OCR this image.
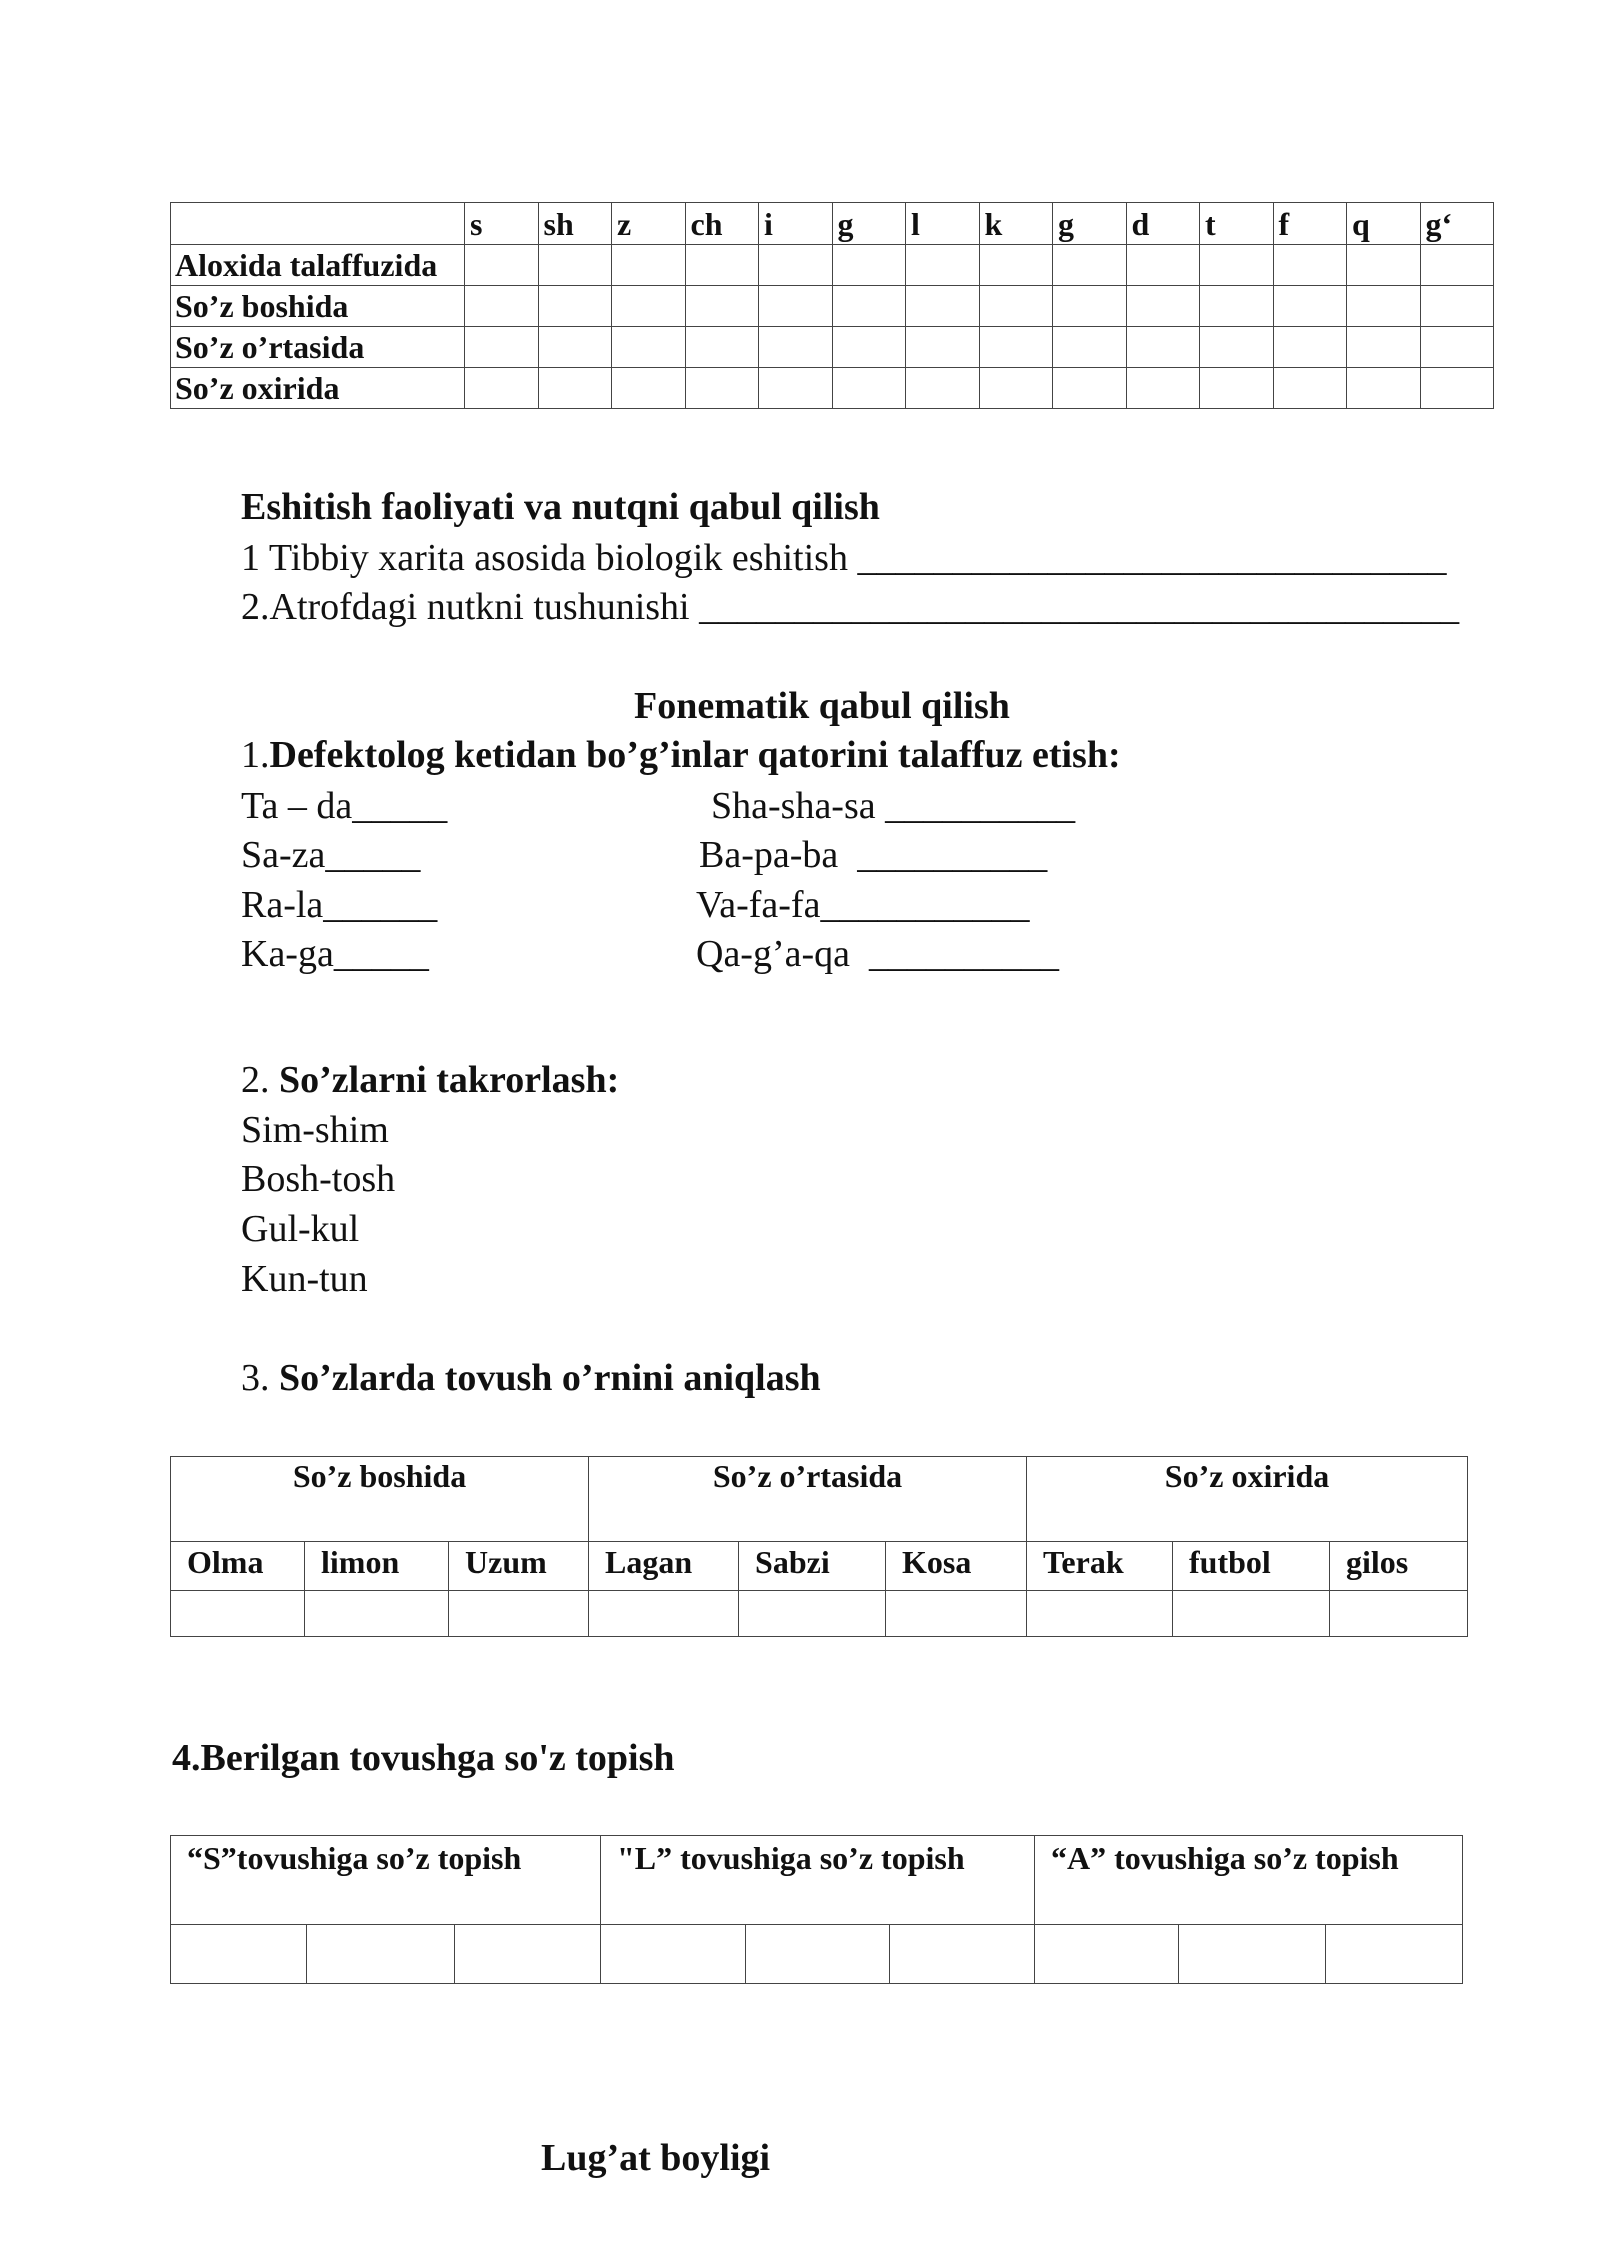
	s	sh	z	ch	i	g	l	k	g	d	t	f	q	g‘
Aloxida talaffuzida														
So’z boshida														
So’z o’rtasida														
So’z oxirida														
Eshitish faoliyati va nutqni qabul qilish
1 Tibbiy xarita asosida biologik eshitish _______________________________
2.Atrofdagi nutkni tushunishi ________________________________________
Fonematik qabul qilish
1.Defektolog ketidan bo’g’inlar qatorini talaffuz etish:
Ta – da_____	Sha-sha-sa __________
Sa-za_____	Ba-pa-ba  __________
Ra-la______	Va-fa-fa___________
Ka-ga_____	Qa-g’a-qa  __________
2. So’zlarni takrorlash:
Sim-shim
Bosh-tosh
Gul-kul
Kun-tun
3. So’zlarda tovush o’rnini aniqlash
So’z boshida			So’z o’rtasida			So’z oxirida		
Olma	limon	Uzum	Lagan	Sabzi	Kosa	Terak	futbol	gilos

4.Berilgan tovushga so'z topish
“S”tovushiga so’z topish			"L” tovushiga so’z topish			“A” tovushiga so’z topish		

Lug’at boyligi
